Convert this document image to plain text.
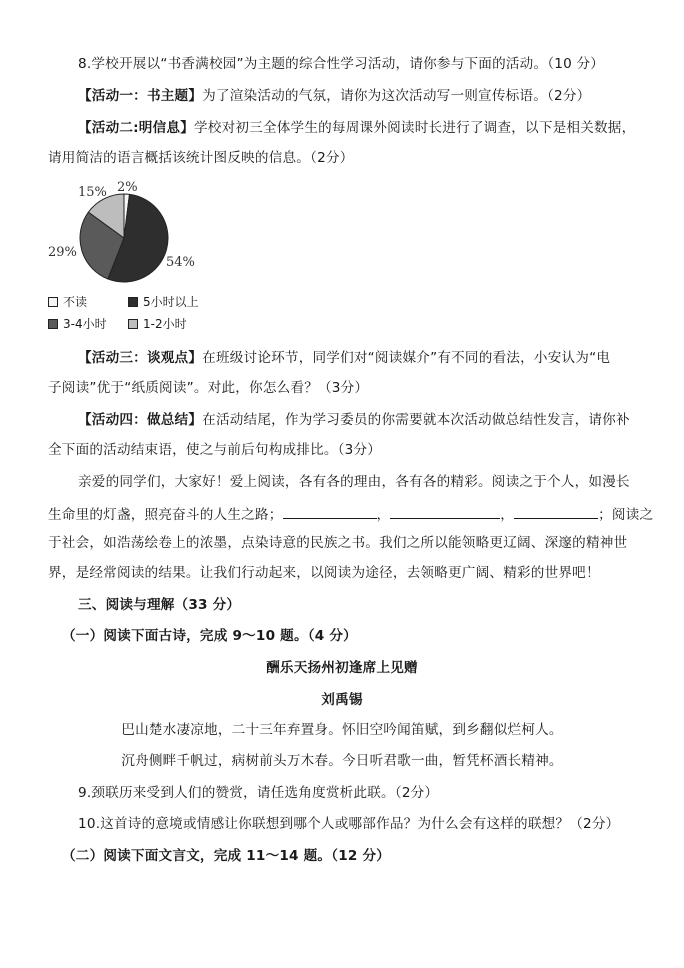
8.学校开展以“书香满校园”为主题的综合性学习活动，请你参与下面的活动。（10 分）
【活动一：书主题】为了渲染活动的气氛，请你为这次活动写一则宣传标语。（2分）
【活动二:明信息】学校对初三全体学生的每周课外阅读时长进行了调查，以下是相关数据，
请用简洁的语言概括该统计图反映的信息。（2分）
2%
54%
29%
15%
不读	5小时以上
3-4小时	1-2小时
【活动三：谈观点】在班级讨论环节，同学们对“阅读媒介”有不同的看法，小安认为“电
子阅读”优于“纸质阅读”。对此，你怎么看？（3分）
【活动四：做总结】在活动结尾，作为学习委员的你需要就本次活动做总结性发言，请你补
全下面的活动结束语，使之与前后句构成排比。（3分）
亲爱的同学们，大家好！爱上阅读，各有各的理由，各有各的精彩。阅读之于个人，如漫长
生命里的灯盏，照亮奋斗的人生之路；	，	，	；阅读之
于社会，如浩荡绘卷上的浓墨，点染诗意的民族之书。我们之所以能领略更辽阔、深邃的精神世
界，是经常阅读的结果。让我们行动起来，以阅读为途径，去领略更广阔、精彩的世界吧！
三、阅读与理解（33 分）
（一）阅读下面古诗，完成 9～10 题。（4 分）
酬乐天扬州初逢席上见赠
刘禹锡
巴山楚水凄凉地，二十三年弃置身。怀旧空吟闻笛赋，到乡翻似烂柯人。
沉舟侧畔千帆过，病树前头万木春。今日听君歌一曲，暂凭杯酒长精神。
9.颈联历来受到人们的赞赏，请任选角度赏析此联。（2分）
10.这首诗的意境或情感让你联想到哪个人或哪部作品？为什么会有这样的联想？（2分）
（二）阅读下面文言文，完成 11～14 题。（12 分）
